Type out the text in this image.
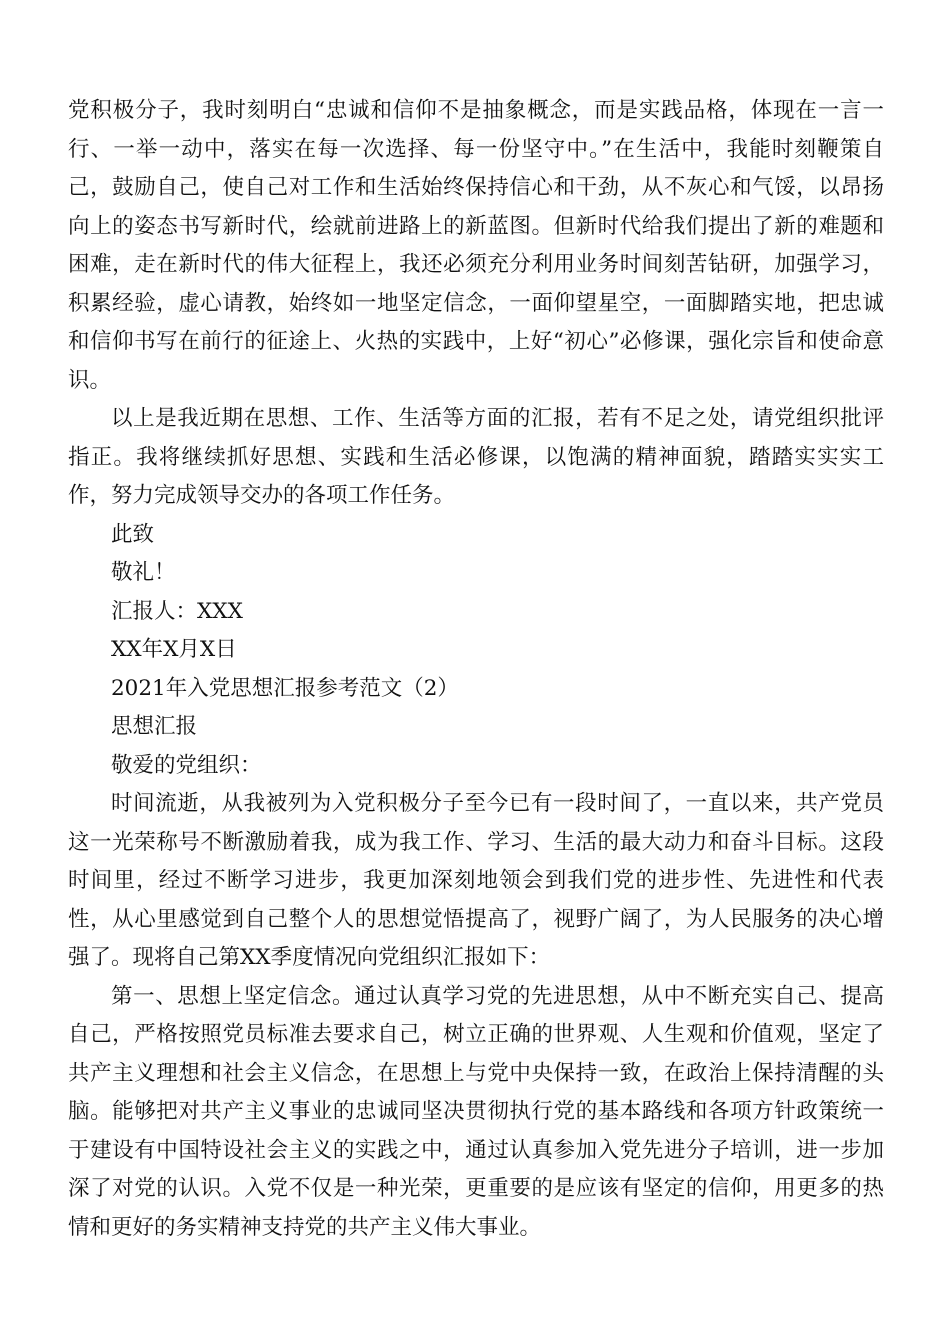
党积极分子，我时刻明白“忠诚和信仰不是抽象概念，而是实践品格，体现在一言一行、一举一动中，落实在每一次选择、每一份坚守中。”在生活中，我能时刻鞭策自己，鼓励自己，使自己对工作和生活始终保持信心和干劲，从不灰心和气馁，以昂扬向上的姿态书写新时代，绘就前进路上的新蓝图。但新时代给我们提出了新的难题和困难，走在新时代的伟大征程上，我还必须充分利用业务时间刻苦钻研，加强学习，积累经验，虚心请教，始终如一地坚定信念，一面仰望星空，一面脚踏实地，把忠诚和信仰书写在前行的征途上、火热的实践中，上好“初心”必修课，强化宗旨和使命意识。

以上是我近期在思想、工作、生活等方面的汇报，若有不足之处，请党组织批评指正。我将继续抓好思想、实践和生活必修课，以饱满的精神面貌，踏踏实实实工作，努力完成领导交办的各项工作任务。

此致

敬礼！

汇报人：XXX

XX年X月X日

2021年入党思想汇报参考范文（2）

思想汇报

敬爱的党组织：

时间流逝，从我被列为入党积极分子至今已有一段时间了，一直以来，共产党员这一光荣称号不断激励着我，成为我工作、学习、生活的最大动力和奋斗目标。这段时间里，经过不断学习进步，我更加深刻地领会到我们党的进步性、先进性和代表性，从心里感觉到自己整个人的思想觉悟提高了，视野广阔了，为人民服务的决心增强了。现将自己第XX季度情况向党组织汇报如下：

第一、思想上坚定信念。通过认真学习党的先进思想，从中不断充实自己、提高自己，严格按照党员标准去要求自己，树立正确的世界观、人生观和价值观，坚定了共产主义理想和社会主义信念，在思想上与党中央保持一致，在政治上保持清醒的头脑。能够把对共产主义事业的忠诚同坚决贯彻执行党的基本路线和各项方针政策统一于建设有中国特设社会主义的实践之中，通过认真参加入党先进分子培训，进一步加深了对党的认识。入党不仅是一种光荣，更重要的是应该有坚定的信仰，用更多的热情和更好的务实精神支持党的共产主义伟大事业。
